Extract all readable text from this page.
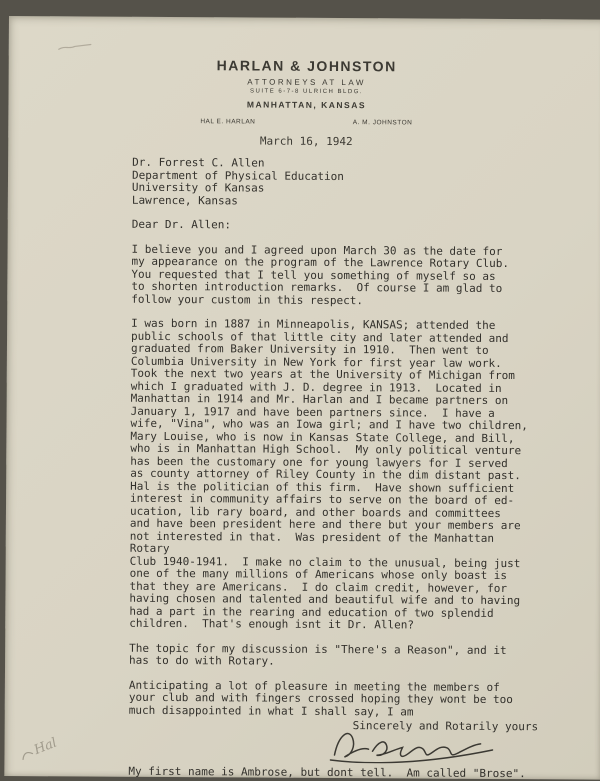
HARLAN & JOHNSTON
ATTORNEYS AT LAW
SUITE 6-7-8 ULRICH BLDG.
MANHATTAN, KANSAS
HAL E. HARLAN	A. M. JOHNSTON
March 16, 1942
Dr. Forrest C. Allen
Department of Physical Education
University of Kansas
Lawrence, Kansas
Dear Dr. Allen:
I believe you and I agreed upon March 30 as the date for
my appearance on the program of the Lawrence Rotary Club.
You requested that I tell you something of myself so as
to shorten introduction remarks.  Of course I am glad to
follow your custom in this respect.
I was born in 1887 in Minneapolis, KANSAS; attended the
public schools of that little city and later attended and
graduated from Baker University in 1910.  Then went to
Columbia University in New York for first year law work.
Took the next two years at the University of Michigan from
which I graduated with J. D. degree in 1913.  Located in
Manhattan in 1914 and Mr. Harlan and I became partners on
January 1, 1917 and have been partners since.  I have a
wife, "Vina", who was an Iowa girl; and I have two children,
Mary Louise, who is now in Kansas State College, and Bill,
who is in Manhattan High School.  My only political venture
has been the customary one for young lawyers for I served
as county attorney of Riley County in the dim distant past.
Hal is the politician of this firm.  Have shown sufficient
interest in community affairs to serve on the board of ed-
ucation, lib rary board, and other boards and committees
and have been president here and there but your members are
not interested in that.  Was president of the Manhattan Rotary
Club 1940-1941.  I make no claim to the unusual, being just
one of the many millions of Americans whose only boast is
that they are Americans.  I do claim credit, however, for
having chosen and talented and beautiful wife and to having
had a part in the rearing and education of two splendid
children.  That's enough isnt it Dr. Allen?
The topic for my discussion is "There's a Reason", and it
has to do with Rotary.
Anticipating a lot of pleasure in meeting the members of
your club and with fingers crossed hoping they wont be too
much disappointed in what I shall say, I am
Sincerely and Rotarily yours
My first name is Ambrose, but dont tell.  Am called "Brose".
Hal
